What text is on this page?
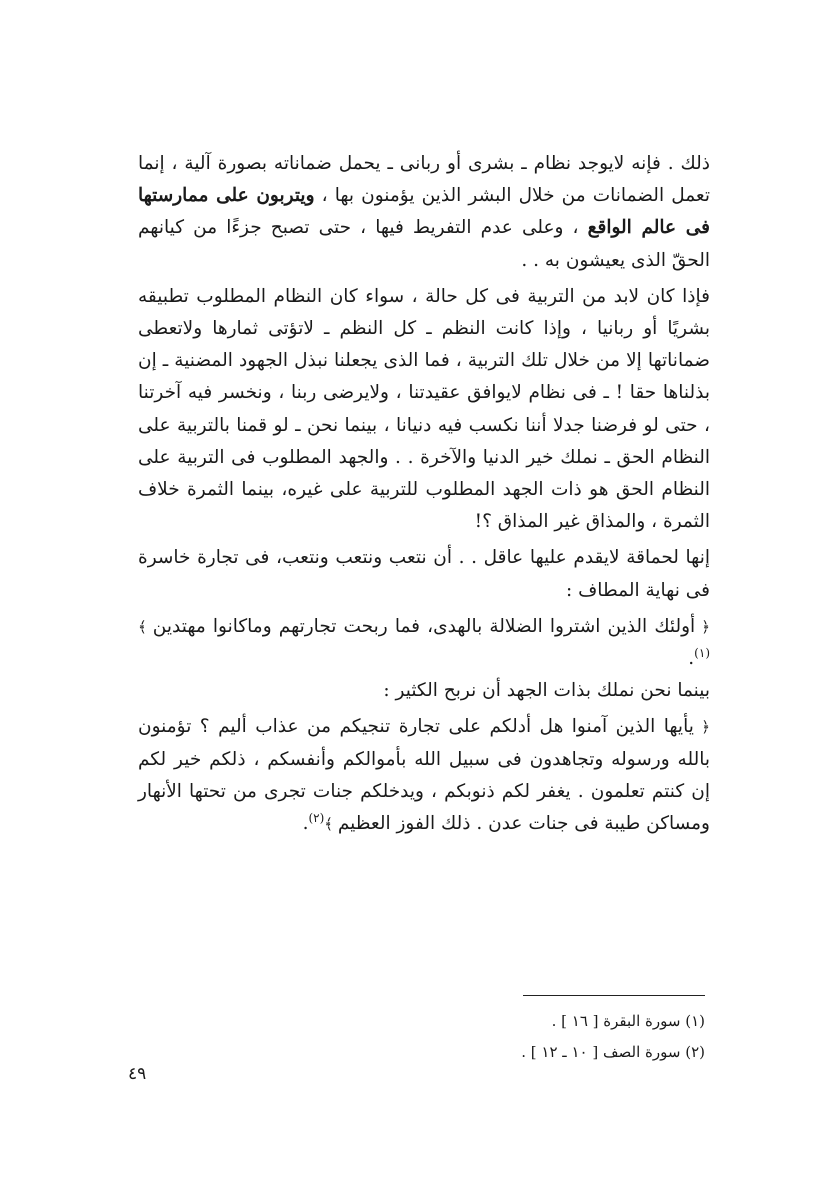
ذلك . فإنه لايوجد نظام ـ بشرى أو ربانى ـ يحمل ضماناته بصورة آلية ، إنما تعمل الضمانات من خلال البشر الذين يؤمنون بها ، ويتربون على ممارستها فى عالم الواقع ، وعلى عدم التفريط فيها ، حتى تصبح جزءًا من كيانهم الحقّ الذى يعيشون به . .

فإذا كان لابد من التربية فى كل حالة ، سواء كان النظام المطلوب تطبيقه بشريًا أو ربانيا ، وإذا كانت النظم ـ كل النظم ـ لاتؤتى ثمارها ولاتعطى ضماناتها إلا من خلال تلك التربية ، فما الذى يجعلنا نبذل الجهود المضنية ـ إن بذلناها حقا ! ـ فى نظام لايوافق عقيدتنا ، ولايرضى ربنا ، ونخسر فيه آخرتنا ، حتى لو فرضنا جدلا أننا نكسب فيه دنيانا ، بينما نحن ـ لو قمنا بالتربية على النظام الحق ـ نملك خير الدنيا والآخرة . . والجهد المطلوب فى التربية على النظام الحق هو ذات الجهد المطلوب للتربية على غيره، بينما الثمرة خلاف الثمرة ، والمذاق غير المذاق ؟!

إنها لحماقة لايقدم عليها عاقل . . أن نتعب ونتعب ونتعب، فى تجارة خاسرة فى نهاية المطاف :

﴿ أولئك الذين اشتروا الضلالة بالهدى، فما ربحت تجارتهم وماكانوا مهتدين ﴾$^{(١)}$.

بينما نحن نملك بذات الجهد أن نربح الكثير :

﴿ يأيها الذين آمنوا هل أدلكم على تجارة تنجيكم من عذاب أليم ؟ تؤمنون بالله ورسوله وتجاهدون فى سبيل الله بأموالكم وأنفسكم ، ذلكم خير لكم إن كنتم تعلمون . يغفر لكم ذنوبكم ، ويدخلكم جنات تجرى من تحتها الأنهار ومساكن طيبة فى جنات عدن . ذلك الفوز العظيم ﴾$^{(٢)}$.

(١) سورة البقرة [ ١٦ ] .

(٢) سورة الصف [ ١٠ ـ ١٢ ] .

٤٩
